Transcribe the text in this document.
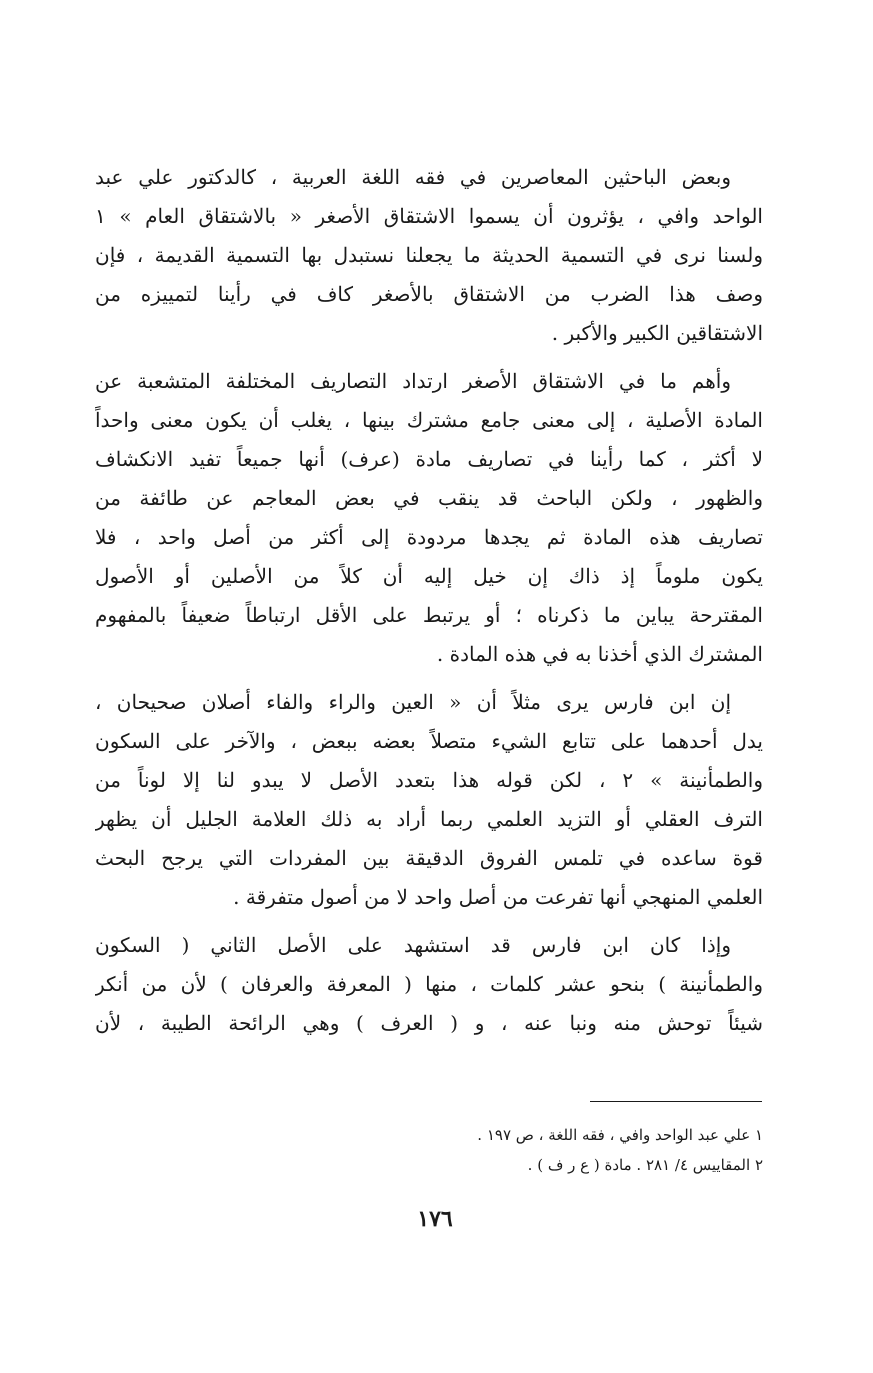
وبعض الباحثين المعاصرين في فقه اللغة العربية ، كالدكتور علي عبد
الواحد وافي ، يؤثرون أن يسموا الاشتقاق الأصغر « بالاشتقاق العام » ١
ولسنا نرى في التسمية الحديثة ما يجعلنا نستبدل بها التسمية القديمة ، فإن
وصف هذا الضرب من الاشتقاق بالأصغر كاف في رأينا لتمييزه من
الاشتقاقين الكبير والأكبر .
وأهم ما في الاشتقاق الأصغر ارتداد التصاريف المختلفة المتشعبة عن
المادة الأصلية ، إلى معنى جامع مشترك بينها ، يغلب أن يكون معنى واحداً
لا أكثر ، كما رأينا في تصاريف مادة (عرف) أنها جميعاً تفيد الانكشاف
والظهور ، ولكن الباحث قد ينقب في بعض المعاجم عن طائفة من
تصاريف هذه المادة ثم يجدها مردودة إلى أكثر من أصل واحد ، فلا
يكون ملوماً إذ ذاك إن خيل إليه أن كلاً من الأصلين أو الأصول
المقترحة يباين ما ذكرناه ؛ أو يرتبط على الأقل ارتباطاً ضعيفاً بالمفهوم
المشترك الذي أخذنا به في هذه المادة .
إن ابن فارس يرى مثلاً أن « العين والراء والفاء أصلان صحيحان ،
يدل أحدهما على تتابع الشيء متصلاً بعضه ببعض ، والآخر على السكون
والطمأنينة » ٢ ، لكن قوله هذا بتعدد الأصل لا يبدو لنا إلا لوناً من
الترف العقلي أو التزيد العلمي ربما أراد به ذلك العلامة الجليل أن يظهر
قوة ساعده في تلمس الفروق الدقيقة بين المفردات التي يرجح البحث
العلمي المنهجي أنها تفرعت من أصل واحد لا من أصول متفرقة .
وإذا كان ابن فارس قد استشهد على الأصل الثاني ( السكون
والطمأنينة ) بنحو عشر كلمات ، منها ( المعرفة والعرفان ) لأن من أنكر
شيئاً توحش منه ونبا عنه ، و ( العرف ) وهي الرائحة الطيبة ، لأن
١ علي عبد الواحد وافي ، فقه اللغة ، ص ١٩٧ .
٢ المقاييس ٤/ ٢٨١ . مادة ( ع ر ف ) .
١٧٦
